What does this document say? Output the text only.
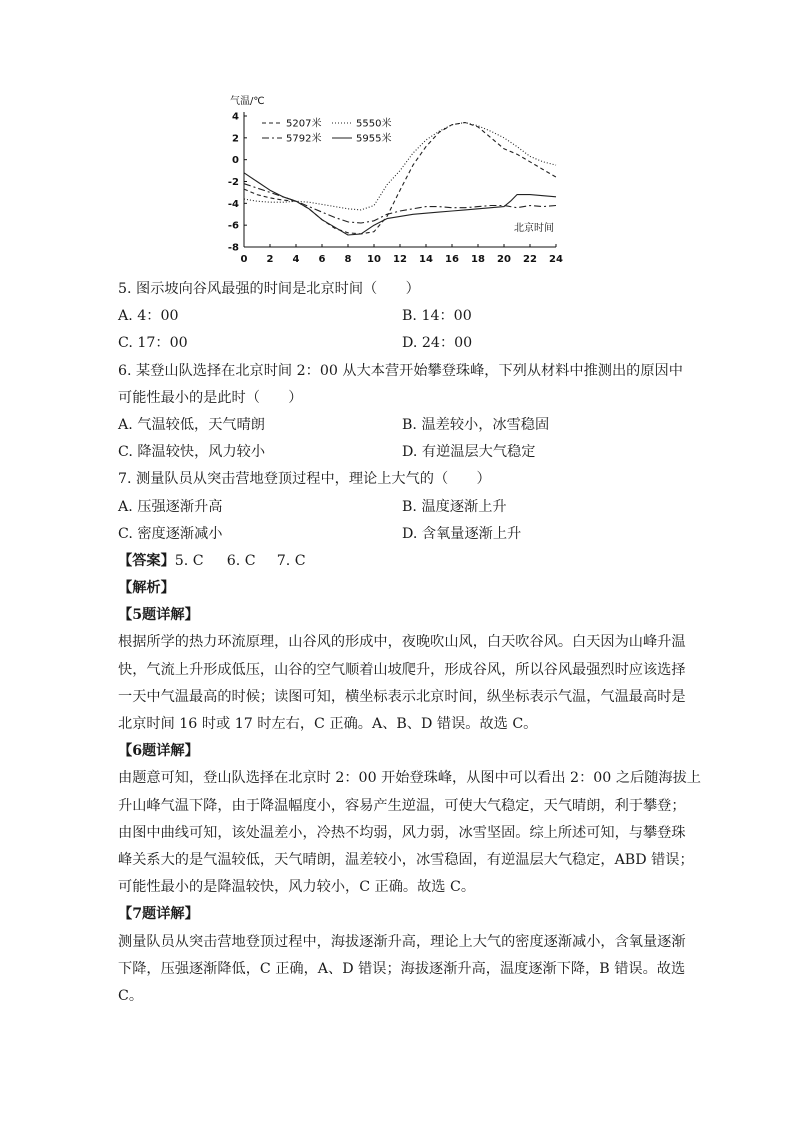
0 2 4 6 8 10 12 14 16 18 20 22 24
4
2
0
-2
-4
-6
-8
气温/℃
北京时间
5207米	5550米
5792米	5955米
5. 图示坡向谷风最强的时间是北京时间（　　）
A. 4：00	B. 14：00
C. 17：00	D. 24：00
6. 某登山队选择在北京时间 2：00 从大本营开始攀登珠峰，下列从材料中推测出的原因中
可能性最小的是此时（　　）
A. 气温较低，天气晴朗	B. 温差较小，冰雪稳固
C. 降温较快，风力较小	D. 有逆温层大气稳定
7. 测量队员从突击营地登顶过程中，理论上大气的（　　）
A. 压强逐渐升高	B. 温度逐渐上升
C. 密度逐渐减小	D. 含氧量逐渐上升
【答案】5. C 6. C 7. C
【解析】
【5题详解】
根据所学的热力环流原理，山谷风的形成中，夜晚吹山风，白天吹谷风。白天因为山峰升温
快，气流上升形成低压，山谷的空气顺着山坡爬升，形成谷风，所以谷风最强烈时应该选择
一天中气温最高的时候；读图可知，横坐标表示北京时间，纵坐标表示气温，气温最高时是
北京时间 16 时或 17 时左右，C 正确。A、B、D 错误。故选 C。
【6题详解】
由题意可知，登山队选择在北京时 2：00 开始登珠峰，从图中可以看出 2：00 之后随海拔上
升山峰气温下降，由于降温幅度小，容易产生逆温，可使大气稳定，天气晴朗，利于攀登；
由图中曲线可知，该处温差小，冷热不均弱，风力弱，冰雪坚固。综上所述可知，与攀登珠
峰关系大的是气温较低，天气晴朗，温差较小，冰雪稳固，有逆温层大气稳定，ABD 错误；
可能性最小的是降温较快，风力较小，C 正确。故选 C。
【7题详解】
测量队员从突击营地登顶过程中，海拔逐渐升高，理论上大气的密度逐渐减小，含氧量逐渐
下降，压强逐渐降低，C 正确，A、D 错误；海拔逐渐升高，温度逐渐下降，B 错误。故选
C。
